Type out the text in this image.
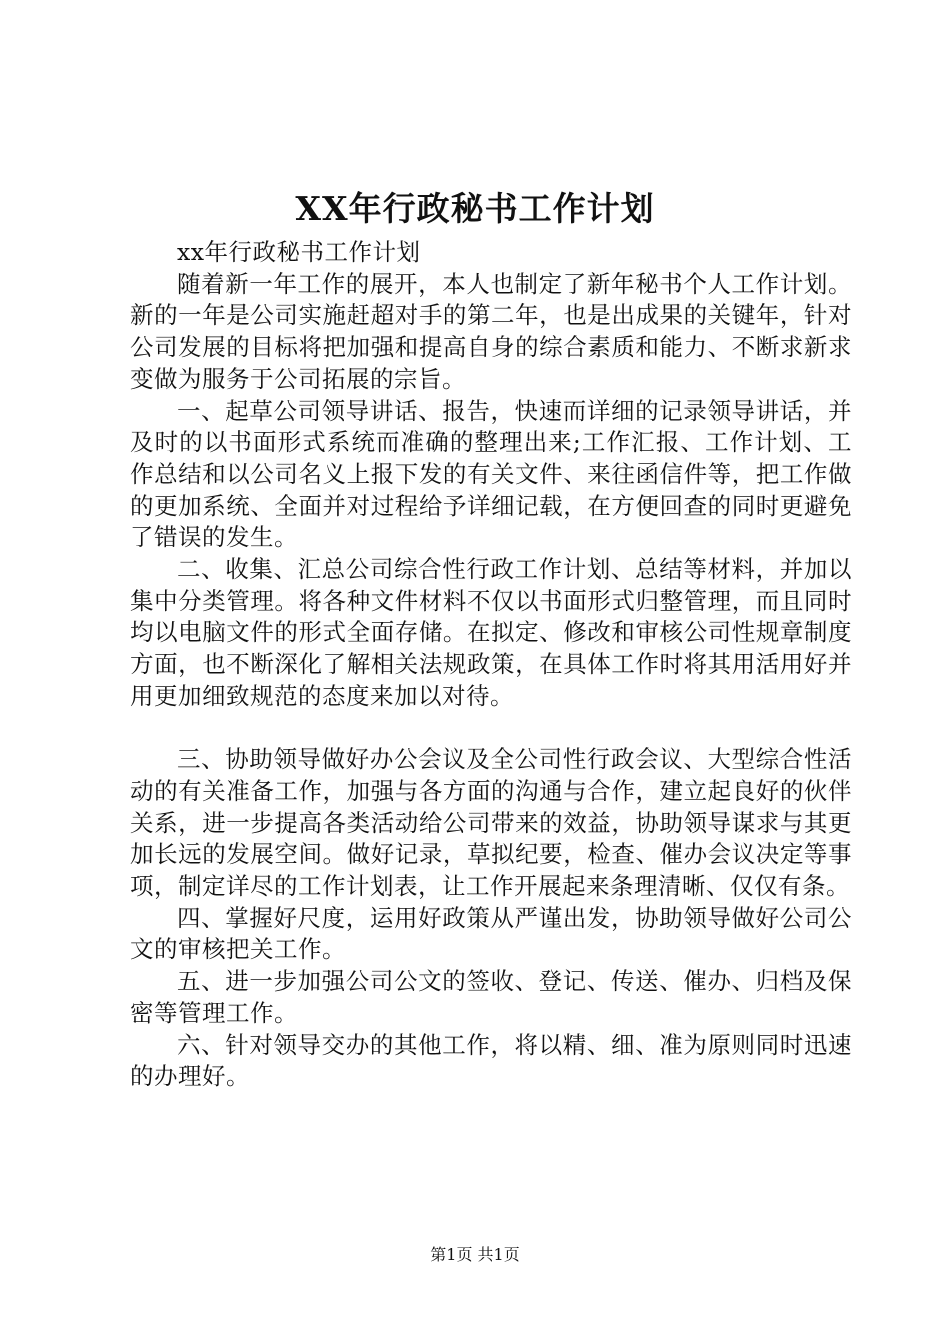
XX年行政秘书工作计划

xx年行政秘书工作计划

随着新一年工作的展开，本人也制定了新年秘书个人工作计划。新的一年是公司实施赶超对手的第二年，也是出成果的关键年，针对公司发展的目标将把加强和提高自身的综合素质和能力、不断求新求变做为服务于公司拓展的宗旨。

一、起草公司领导讲话、报告，快速而详细的记录领导讲话，并及时的以书面形式系统而准确的整理出来;工作汇报、工作计划、工作总结和以公司名义上报下发的有关文件、来往函信件等，把工作做的更加系统、全面并对过程给予详细记载，在方便回查的同时更避免了错误的发生。

二、收集、汇总公司综合性行政工作计划、总结等材料，并加以集中分类管理。将各种文件材料不仅以书面形式归整管理，而且同时均以电脑文件的形式全面存储。在拟定、修改和审核公司性规章制度方面，也不断深化了解相关法规政策，在具体工作时将其用活用好并用更加细致规范的态度来加以对待。

三、协助领导做好办公会议及全公司性行政会议、大型综合性活动的有关准备工作，加强与各方面的沟通与合作，建立起良好的伙伴关系，进一步提高各类活动给公司带来的效益，协助领导谋求与其更加长远的发展空间。做好记录，草拟纪要，检查、催办会议决定等事项，制定详尽的工作计划表，让工作开展起来条理清晰、仅仅有条。

四、掌握好尺度，运用好政策从严谨出发，协助领导做好公司公文的审核把关工作。

五、进一步加强公司公文的签收、登记、传送、催办、归档及保密等管理工作。

六、针对领导交办的其他工作，将以精、细、准为原则同时迅速的办理好。

第1页 共1页
